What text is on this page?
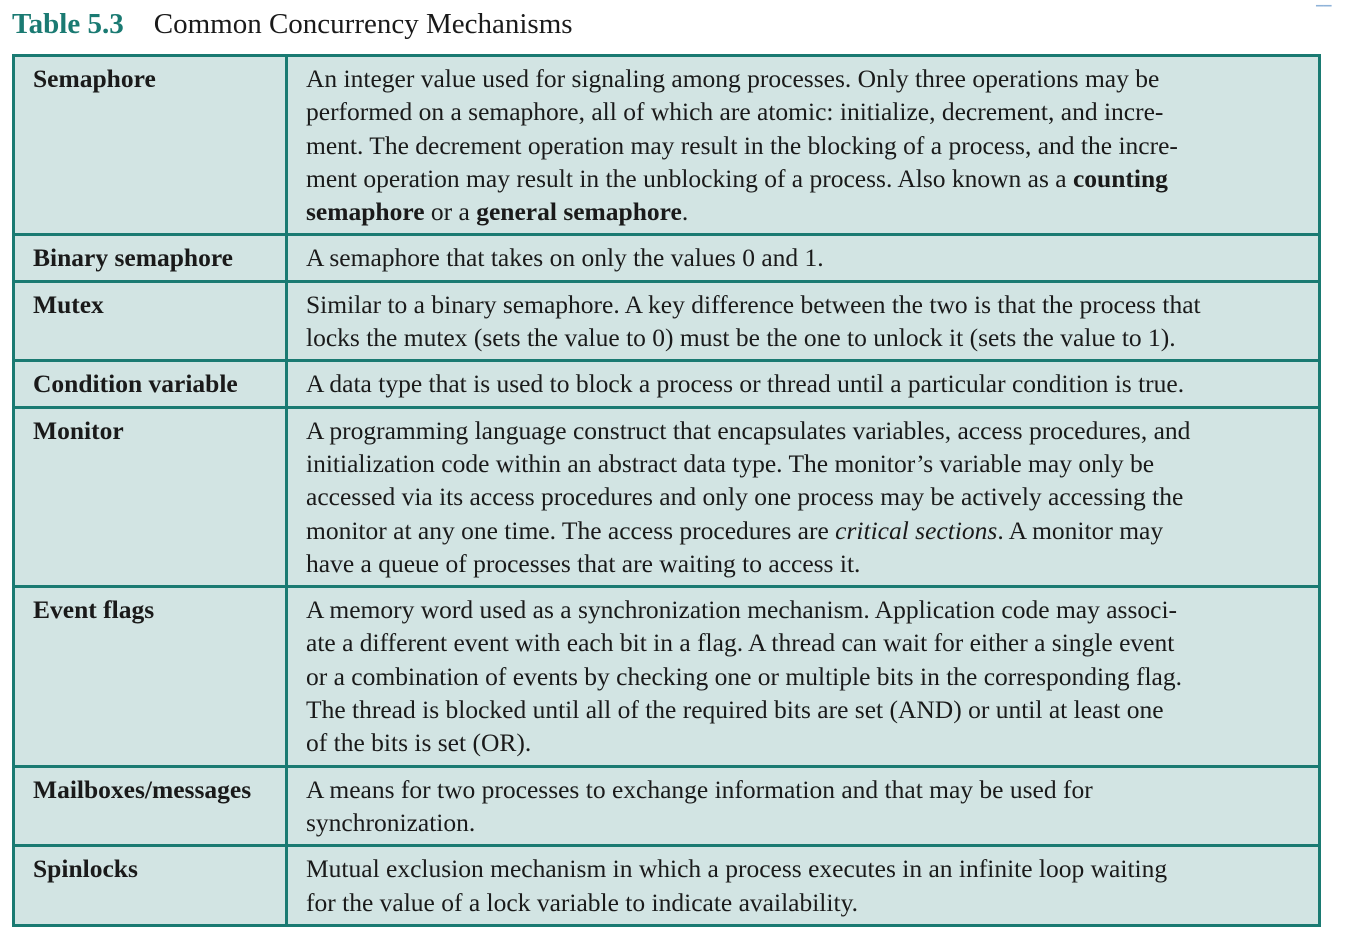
Table 5.3 Common Concurrency Mechanisms
▁▁
Semaphore	An integer value used for signaling among processes. Only three operations may be
performed on a semaphore, all of which are atomic: initialize, decrement, and incre-
ment. The decrement operation may result in the blocking of a process, and the incre-
ment operation may result in the unblocking of a process. Also known as a counting
semaphore or a general semaphore.
Binary semaphore	A semaphore that takes on only the values 0 and 1.
Mutex	Similar to a binary semaphore. A key difference between the two is that the process that
locks the mutex (sets the value to 0) must be the one to unlock it (sets the value to 1).
Condition variable	A data type that is used to block a process or thread until a particular condition is true.
Monitor	A programming language construct that encapsulates variables, access procedures, and
initialization code within an abstract data type. The monitor’s variable may only be
accessed via its access procedures and only one process may be actively accessing the
monitor at any one time. The access procedures are critical sections. A monitor may
have a queue of processes that are waiting to access it.
Event flags	A memory word used as a synchronization mechanism. Application code may associ-
ate a different event with each bit in a flag. A thread can wait for either a single event
or a combination of events by checking one or multiple bits in the corresponding flag.
The thread is blocked until all of the required bits are set (AND) or until at least one
of the bits is set (OR).
Mailboxes/messages	A means for two processes to exchange information and that may be used for
synchronization.
Spinlocks	Mutual exclusion mechanism in which a process executes in an infinite loop waiting
for the value of a lock variable to indicate availability.
